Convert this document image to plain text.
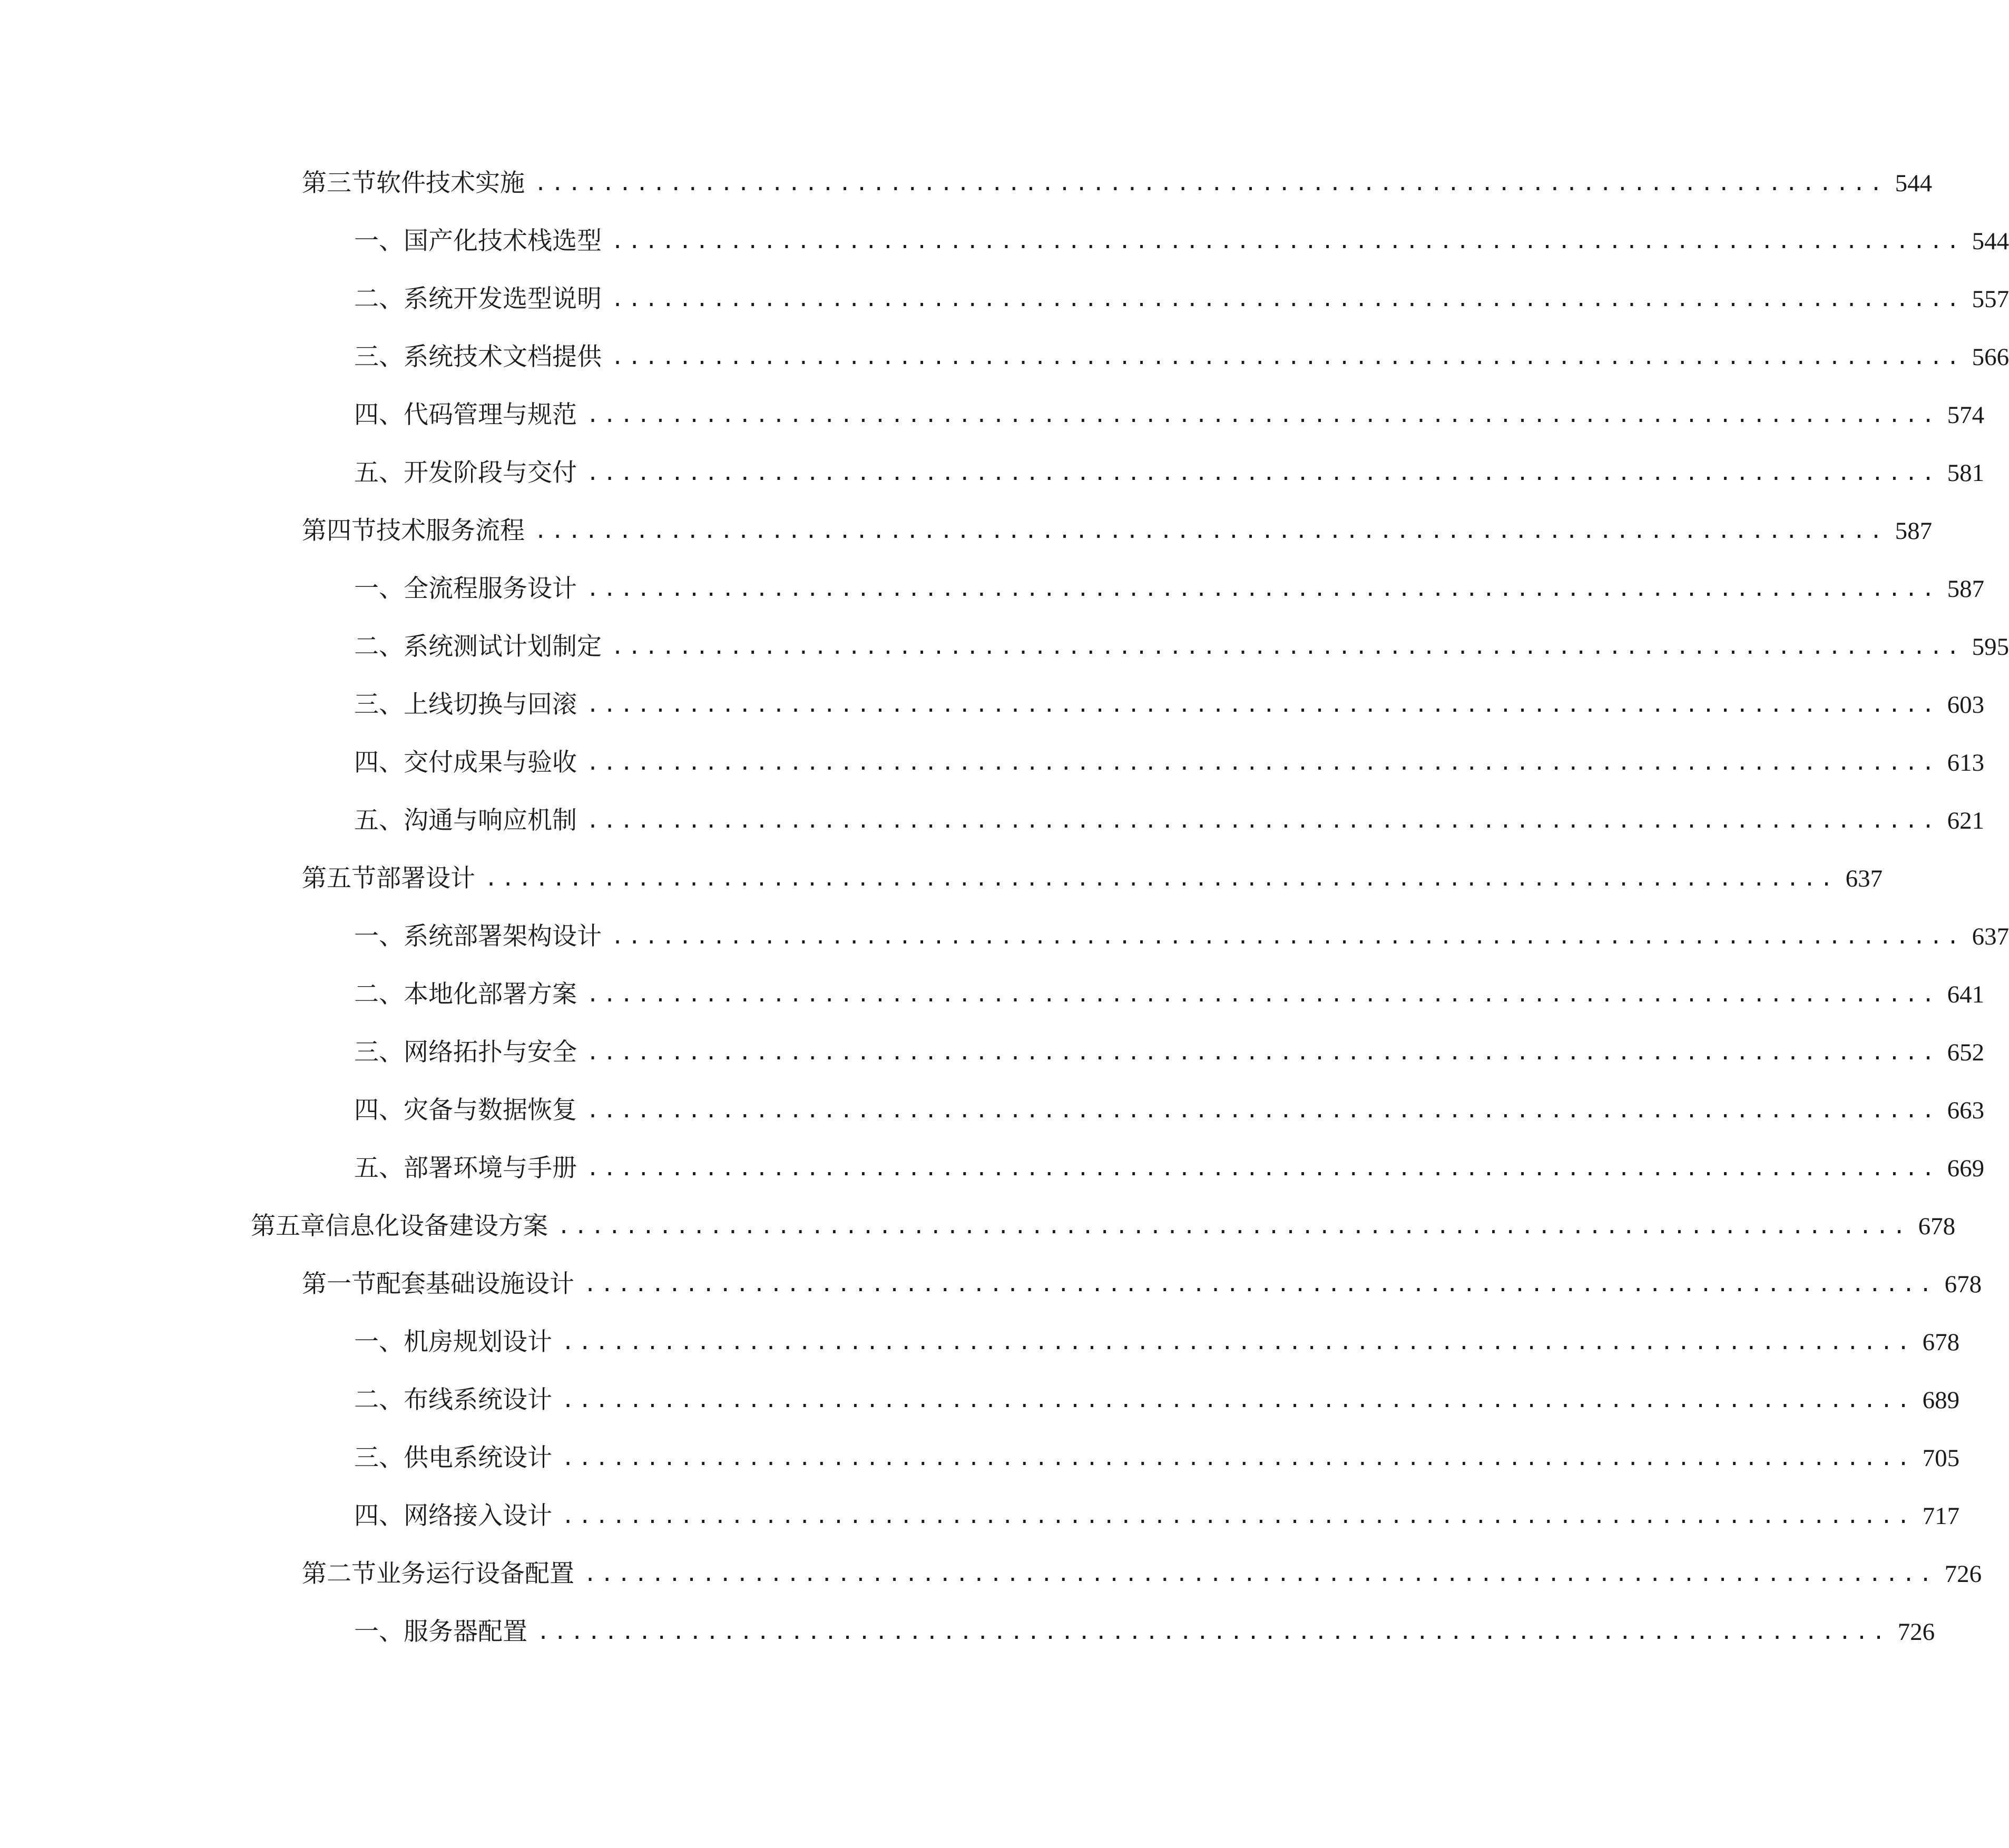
第三节 软件技术实施 ................................................................................ 544
一、 国产化技术栈选型 ................................................................................ 544
二、 系统开发选型说明 ................................................................................ 557
三、 系统技术文档提供 ................................................................................ 566
四、 代码管理与规范 ................................................................................ 574
五、 开发阶段与交付 ................................................................................ 581
第四节 技术服务流程 ................................................................................ 587
一、 全流程服务设计 ................................................................................ 587
二、 系统测试计划制定 ................................................................................ 595
三、 上线切换与回滚 ................................................................................ 603
四、 交付成果与验收 ................................................................................ 613
五、 沟通与响应机制 ................................................................................ 621
第五节 部署设计 ................................................................................ 637
一、 系统部署架构设计 ................................................................................ 637
二、 本地化部署方案 ................................................................................ 641
三、 网络拓扑与安全 ................................................................................ 652
四、 灾备与数据恢复 ................................................................................ 663
五、 部署环境与手册 ................................................................................ 669
第五章 信息化设备建设方案 ................................................................................ 678
第一节 配套基础设施设计 ................................................................................ 678
一、 机房规划设计 ................................................................................ 678
二、 布线系统设计 ................................................................................ 689
三、 供电系统设计 ................................................................................ 705
四、 网络接入设计 ................................................................................ 717
第二节 业务运行设备配置 ................................................................................ 726
一、 服务器配置 ................................................................................ 726
